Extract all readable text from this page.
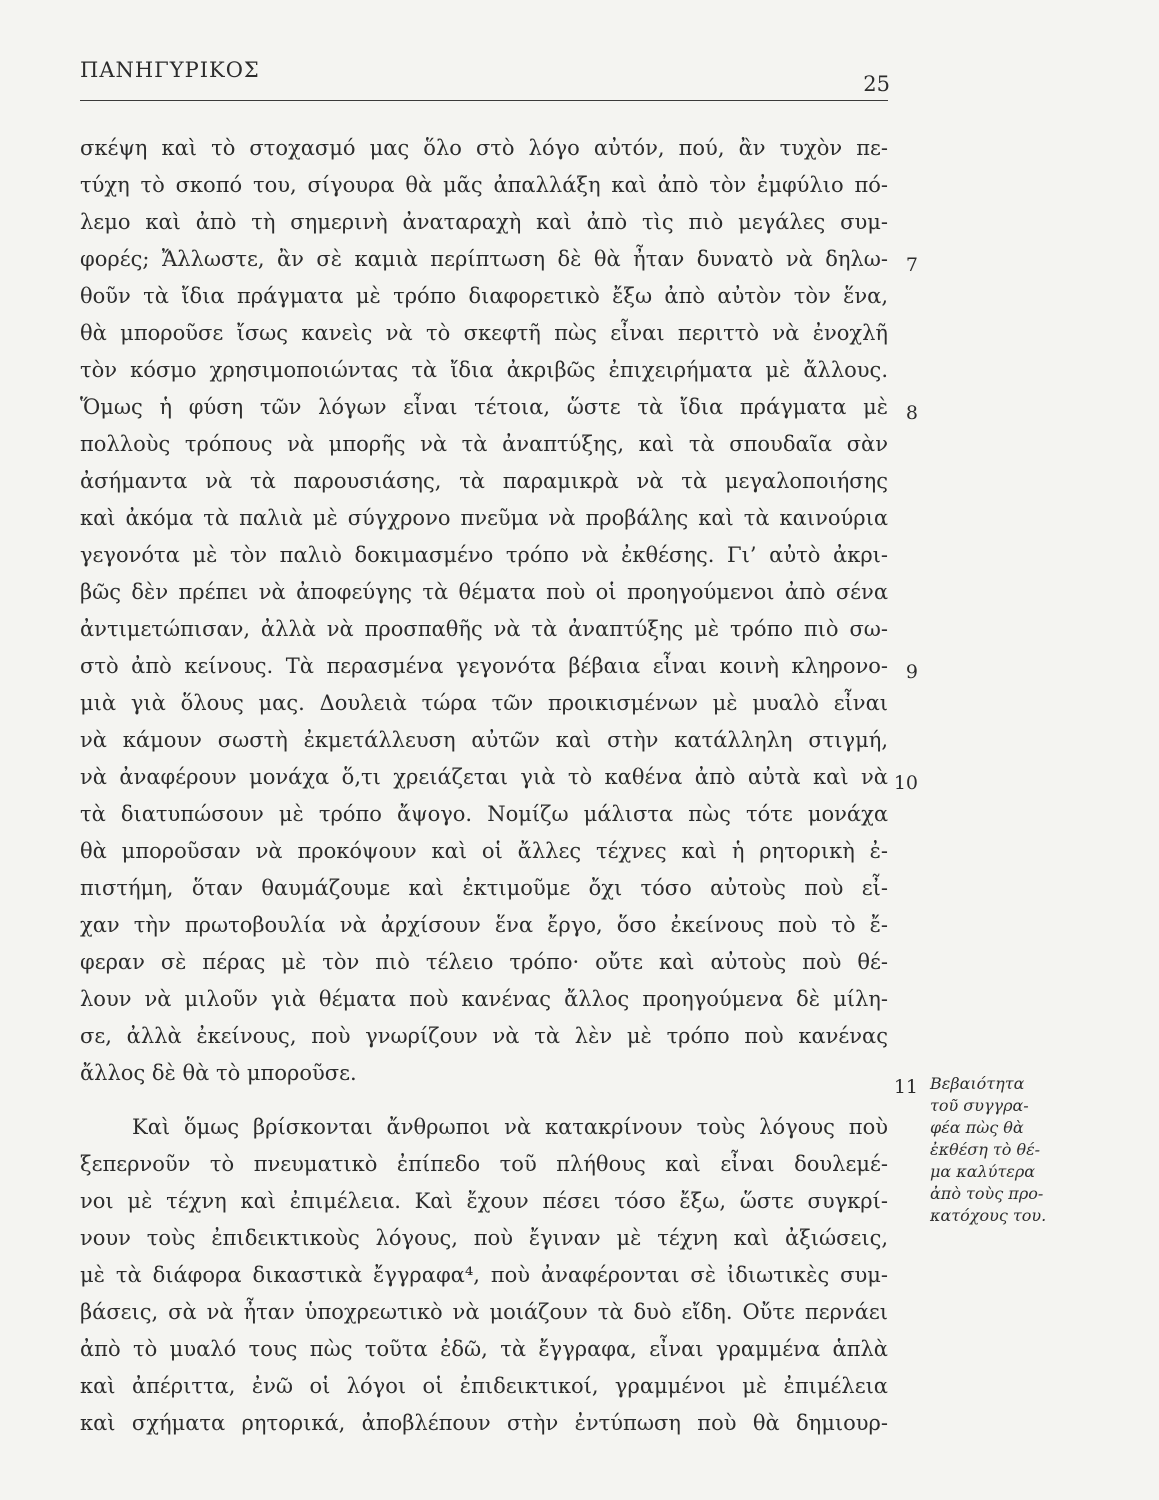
ΠΑΝΗΓΥΡΙΚΟΣ
25
σκέψη καὶ τὸ στοχασμό μας ὅλο στὸ λόγο αὐτόν, πού, ἂν τυχὸν πε-
τύχη τὸ σκοπό του, σίγουρα θὰ μᾶς ἀπαλλάξη καὶ ἀπὸ τὸν ἐμφύλιο πό-
λεμο καὶ ἀπὸ τὴ σημερινὴ ἀναταραχὴ καὶ ἀπὸ τὶς πιὸ μεγάλες συμ-
φορές; Ἄλλωστε, ἂν σὲ καμιὰ περίπτωση δὲ θὰ ἦταν δυνατὸ νὰ δηλω-
θοῦν τὰ ἴδια πράγματα μὲ τρόπο διαφορετικὸ ἔξω ἀπὸ αὐτὸν τὸν ἕνα,
θὰ μποροῦσε ἴσως κανεὶς νὰ τὸ σκεφτῆ πὼς εἶναι περιττὸ νὰ ἐνοχλῆ
τὸν κόσμο χρησιμοποιώντας τὰ ἴδια ἀκριβῶς ἐπιχειρήματα μὲ ἄλλους.
Ὅμως ἡ φύση τῶν λόγων εἶναι τέτοια, ὥστε τὰ ἴδια πράγματα μὲ
πολλοὺς τρόπους νὰ μπορῆς νὰ τὰ ἀναπτύξης, καὶ τὰ σπουδαῖα σὰν
ἀσήμαντα νὰ τὰ παρουσιάσης, τὰ παραμικρὰ νὰ τὰ μεγαλοποιήσης
καὶ ἀκόμα τὰ παλιὰ μὲ σύγχρονο πνεῦμα νὰ προβάλης καὶ τὰ καινούρια
γεγονότα μὲ τὸν παλιὸ δοκιμασμένο τρόπο νὰ ἐκθέσης. Γι’ αὐτὸ ἀκρι-
βῶς δὲν πρέπει νὰ ἀποφεύγης τὰ θέματα ποὺ οἱ προηγούμενοι ἀπὸ σένα
ἀντιμετώπισαν, ἀλλὰ νὰ προσπαθῆς νὰ τὰ ἀναπτύξης μὲ τρόπο πιὸ σω-
στὸ ἀπὸ κείνους. Τὰ περασμένα γεγονότα βέβαια εἶναι κοινὴ κληρονο-
μιὰ γιὰ ὅλους μας. Δουλειὰ τώρα τῶν προικισμένων μὲ μυαλὸ εἶναι
νὰ κάμουν σωστὴ ἐκμετάλλευση αὐτῶν καὶ στὴν κατάλληλη στιγμή,
νὰ ἀναφέρουν μονάχα ὅ,τι χρειάζεται γιὰ τὸ καθένα ἀπὸ αὐτὰ καὶ νὰ
τὰ διατυπώσουν μὲ τρόπο ἄψογο. Νομίζω μάλιστα πὼς τότε μονάχα
θὰ μποροῦσαν νὰ προκόψουν καὶ οἱ ἄλλες τέχνες καὶ ἡ ρητορικὴ ἐ-
πιστήμη, ὅταν θαυμάζουμε καὶ ἐκτιμοῦμε ὄχι τόσο αὐτοὺς ποὺ εἶ-
χαν τὴν πρωτοβουλία νὰ ἀρχίσουν ἕνα ἔργο, ὅσο ἐκείνους ποὺ τὸ ἔ-
φεραν σὲ πέρας μὲ τὸν πιὸ τέλειο τρόπο· οὔτε καὶ αὐτοὺς ποὺ θέ-
λουν νὰ μιλοῦν γιὰ θέματα ποὺ κανένας ἄλλος προηγούμενα δὲ μίλη-
σε, ἀλλὰ ἐκείνους, ποὺ γνωρίζουν νὰ τὰ λὲν μὲ τρόπο ποὺ κανένας
ἄλλος δὲ θὰ τὸ μποροῦσε.
Καὶ ὅμως βρίσκονται ἄνθρωποι νὰ κατακρίνουν τοὺς λόγους ποὺ
ξεπερνοῦν τὸ πνευματικὸ ἐπίπεδο τοῦ πλήθους καὶ εἶναι δουλεμέ-
νοι μὲ τέχνη καὶ ἐπιμέλεια. Καὶ ἔχουν πέσει τόσο ἔξω, ὥστε συγκρί-
νουν τοὺς ἐπιδεικτικοὺς λόγους, ποὺ ἔγιναν μὲ τέχνη καὶ ἀξιώσεις,
μὲ τὰ διάφορα δικαστικὰ ἔγγραφα⁴, ποὺ ἀναφέρονται σὲ ἰδιωτικὲς συμ-
βάσεις, σὰ νὰ ἦταν ὑποχρεωτικὸ νὰ μοιάζουν τὰ δυὸ εἴδη. Οὔτε περνάει
ἀπὸ τὸ μυαλό τους πὼς τοῦτα ἐδῶ, τὰ ἔγγραφα, εἶναι γραμμένα ἁπλὰ
καὶ ἀπέριττα, ἐνῶ οἱ λόγοι οἱ ἐπιδεικτικοί, γραμμένοι μὲ ἐπιμέλεια
καὶ σχήματα ρητορικά, ἀποβλέπουν στὴν ἐντύπωση ποὺ θὰ δημιουρ-
7
8
9
10
11 Βεβαιότητα
τοῦ συγγρα-
φέα πὼς θὰ
ἐκθέση τὸ θέ-
μα καλύτερα
ἀπὸ τοὺς προ-
κατόχους του.
